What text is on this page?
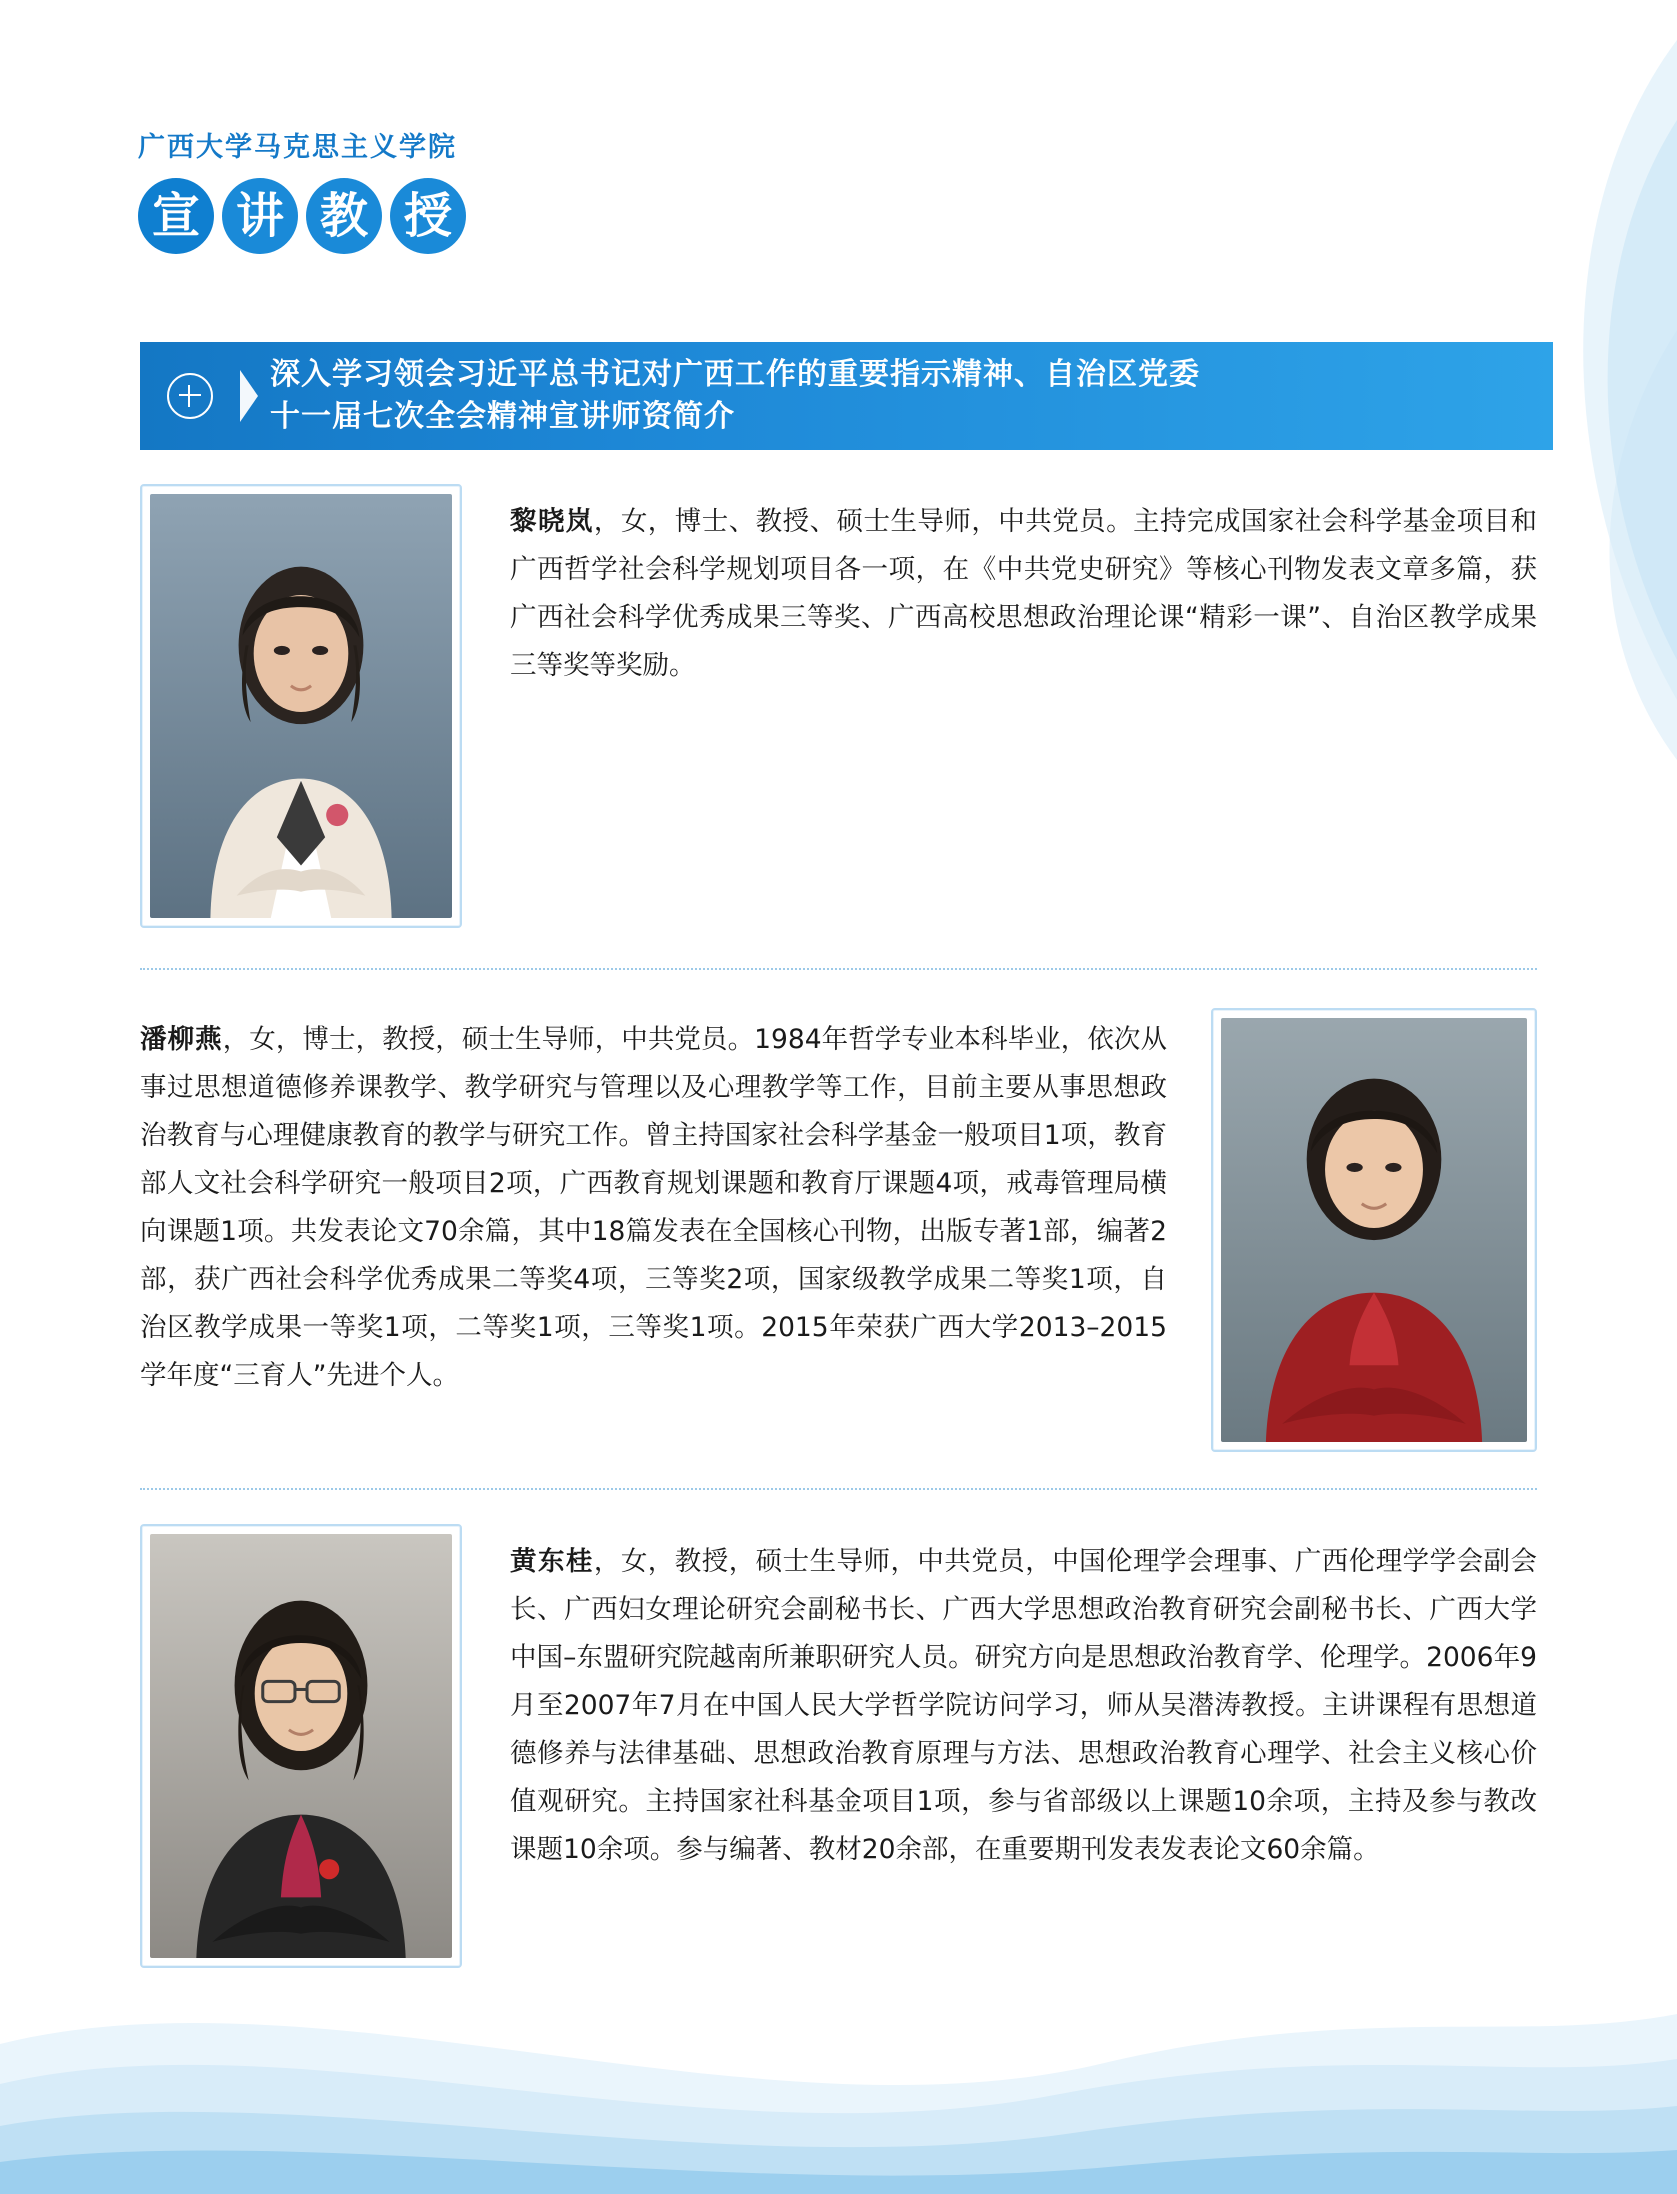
广西大学马克思主义学院
宣 讲 教 授
深入学习领会习近平总书记对广西工作的重要指示精神、自治区党委
十一届七次全会精神宣讲师资简介
黎晓岚，女，博士、教授、硕士生导师，中共党员。主持完成国家社会科学基金项目和广西哲学社会科学规划项目各一项，在《中共党史研究》等核心刊物发表文章多篇，获广西社会科学优秀成果三等奖、广西高校思想政治理论课“精彩一课”、自治区教学成果三等奖等奖励。
潘柳燕，女，博士，教授，硕士生导师，中共党员。1984年哲学专业本科毕业，依次从事过思想道德修养课教学、教学研究与管理以及心理教学等工作，目前主要从事思想政治教育与心理健康教育的教学与研究工作。曾主持国家社会科学基金一般项目1项，教育部人文社会科学研究一般项目2项，广西教育规划课题和教育厅课题4项，戒毒管理局横向课题1项。共发表论文70余篇，其中18篇发表在全国核心刊物，出版专著1部，编著2部，获广西社会科学优秀成果二等奖4项，三等奖2项，国家级教学成果二等奖1项，自治区教学成果一等奖1项，二等奖1项，三等奖1项。2015年荣获广西大学2013–2015学年度“三育人”先进个人。
黄东桂，女，教授，硕士生导师，中共党员，中国伦理学会理事、广西伦理学学会副会长、广西妇女理论研究会副秘书长、广西大学思想政治教育研究会副秘书长、广西大学中国–东盟研究院越南所兼职研究人员。研究方向是思想政治教育学、伦理学。2006年9月至2007年7月在中国人民大学哲学院访问学习，师从吴潜涛教授。主讲课程有思想道德修养与法律基础、思想政治教育原理与方法、思想政治教育心理学、社会主义核心价值观研究。主持国家社科基金项目1项，参与省部级以上课题10余项，主持及参与教改课题10余项。参与编著、教材20余部，在重要期刊发表发表论文60余篇。
